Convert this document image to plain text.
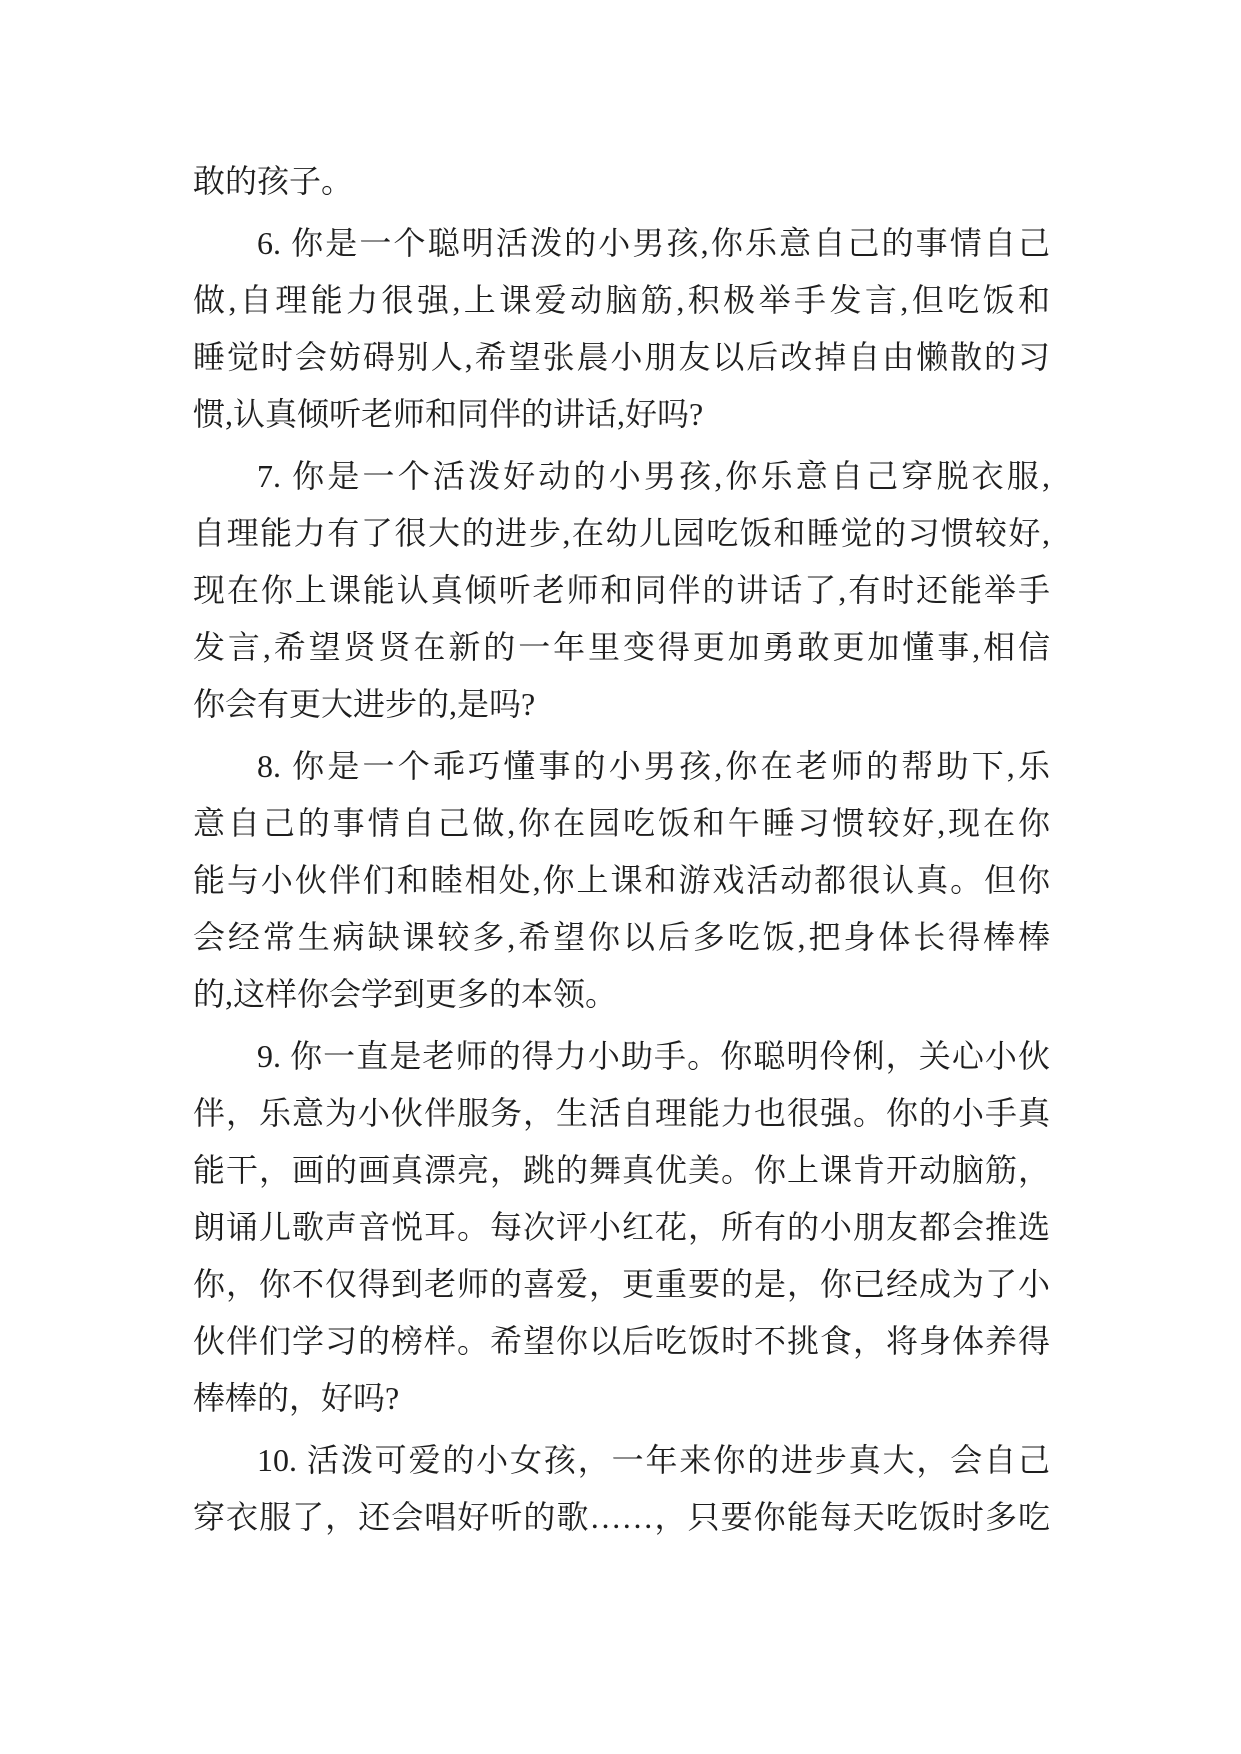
敢的孩子。
6. 你是一个聪明活泼的小男孩,你乐意自己的事情自己
做,自理能力很强,上课爱动脑筋,积极举手发言,但吃饭和
睡觉时会妨碍别人,希望张晨小朋友以后改掉自由懒散的习
惯,认真倾听老师和同伴的讲话,好吗?
7. 你是一个活泼好动的小男孩,你乐意自己穿脱衣服,
自理能力有了很大的进步,在幼儿园吃饭和睡觉的习惯较好,
现在你上课能认真倾听老师和同伴的讲话了,有时还能举手
发言,希望贤贤在新的一年里变得更加勇敢更加懂事,相信
你会有更大进步的,是吗?
8. 你是一个乖巧懂事的小男孩,你在老师的帮助下,乐
意自己的事情自己做,你在园吃饭和午睡习惯较好,现在你
能与小伙伴们和睦相处,你上课和游戏活动都很认真。但你
会经常生病缺课较多,希望你以后多吃饭,把身体长得棒棒
的,这样你会学到更多的本领。
9. 你一直是老师的得力小助手。你聪明伶俐，关心小伙
伴，乐意为小伙伴服务，生活自理能力也很强。你的小手真
能干，画的画真漂亮，跳的舞真优美。你上课肯开动脑筋，
朗诵儿歌声音悦耳。每次评小红花，所有的小朋友都会推选
你，你不仅得到老师的喜爱，更重要的是，你已经成为了小
伙伴们学习的榜样。希望你以后吃饭时不挑食，将身体养得
棒棒的，好吗?
10. 活泼可爱的小女孩，一年来你的进步真大，会自己
穿衣服了，还会唱好听的歌……，只要你能每天吃饭时多吃
